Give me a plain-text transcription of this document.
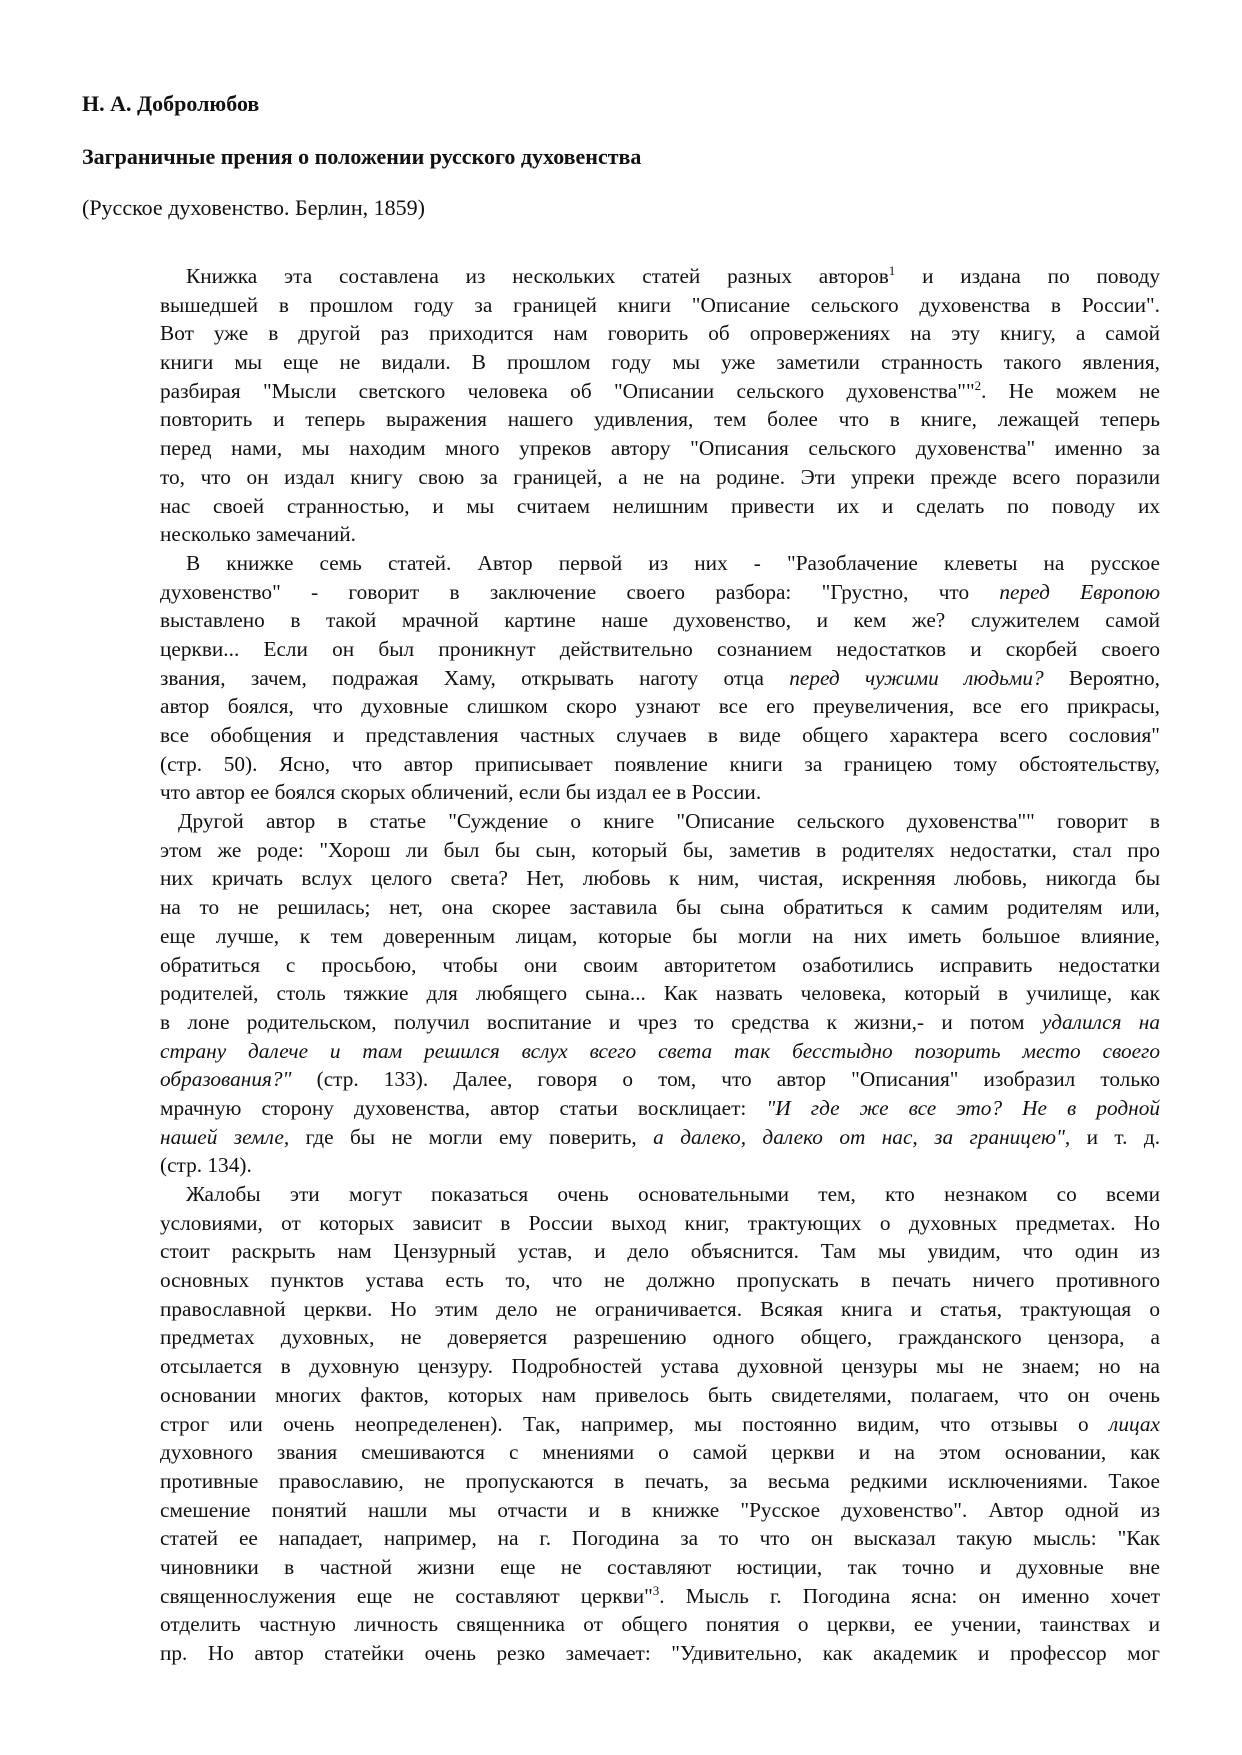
Н. А. Добролюбов
Заграничные прения о положении русского духовенства
(Русское духовенство. Берлин, 1859)
Книжка эта составлена из нескольких статей разных авторов$^1$ и издана по поводу
вышедшей в прошлом году за границей книги "Описание сельского духовенства в России".
Вот уже в другой раз приходится нам говорить об опровержениях на эту книгу, а самой
книги мы еще не видали. В прошлом году мы уже заметили странность такого явления,
разбирая "Мысли светского человека об "Описании сельского духовенства""$^2$. Не можем не
повторить и теперь выражения нашего удивления, тем более что в книге, лежащей теперь
перед нами, мы находим много упреков автору "Описания сельского духовенства" именно за
то, что он издал книгу свою за границей, а не на родине. Эти упреки прежде всего поразили
нас своей странностью, и мы считаем нелишним привести их и сделать по поводу их
несколько замечаний.
В книжке семь статей. Автор первой из них - "Разоблачение клеветы на русское
духовенство" - говорит в заключение своего разбора: "Грустно, что перед Европою
выставлено в такой мрачной картине наше духовенство, и кем же? служителем самой
церкви... Если он был проникнут действительно сознанием недостатков и скорбей своего
звания, зачем, подражая Хаму, открывать наготу отца перед чужими людьми? Вероятно,
автор боялся, что духовные слишком скоро узнают все его преувеличения, все его прикрасы,
все обобщения и представления частных случаев в виде общего характера всего сословия"
(стр. 50). Ясно, что автор приписывает появление книги за границею тому обстоятельству,
что автор ее боялся скорых обличений, если бы издал ее в России.
Другой автор в статье "Суждение о книге "Описание сельского духовенства"" говорит в
этом же роде: "Хорош ли был бы сын, который бы, заметив в родителях недостатки, стал про
них кричать вслух целого света? Нет, любовь к ним, чистая, искренняя любовь, никогда бы
на то не решилась; нет, она скорее заставила бы сына обратиться к самим родителям или,
еще лучше, к тем доверенным лицам, которые бы могли на них иметь большое влияние,
обратиться с просьбою, чтобы они своим авторитетом озаботились исправить недостатки
родителей, столь тяжкие для любящего сына... Как назвать человека, который в училище, как
в лоне родительском, получил воспитание и чрез то средства к жизни,- и потом удалился на
страну далече и там решился вслух всего света так бесстыдно позорить место своего
образования?" (стр. 133). Далее, говоря о том, что автор "Описания" изобразил только
мрачную сторону духовенства, автор статьи восклицает: "И где же все это? Не в родной
нашей земле, где бы не могли ему поверить, а далеко, далеко от нас, за границею", и т. д.
(стр. 134).
Жалобы эти могут показаться очень основательными тем, кто незнаком со всеми
условиями, от которых зависит в России выход книг, трактующих о духовных предметах. Но
стоит раскрыть нам Цензурный устав, и дело объяснится. Там мы увидим, что один из
основных пунктов устава есть то, что не должно пропускать в печать ничего противного
православной церкви. Но этим дело не ограничивается. Всякая книга и статья, трактующая о
предметах духовных, не доверяется разрешению одного общего, гражданского цензора, а
отсылается в духовную цензуру. Подробностей устава духовной цензуры мы не знаем; но на
основании многих фактов, которых нам привелось быть свидетелями, полагаем, что он очень
строг или очень неопределенен). Так, например, мы постоянно видим, что отзывы о лицах
духовного звания смешиваются с мнениями о самой церкви и на этом основании, как
противные православию, не пропускаются в печать, за весьма редкими исключениями. Такое
смешение понятий нашли мы отчасти и в книжке "Русское духовенство". Автор одной из
статей ее нападает, например, на г. Погодина за то что он высказал такую мысль: "Как
чиновники в частной жизни еще не составляют юстиции, так точно и духовные вне
священнослужения еще не составляют церкви"$^3$. Мысль г. Погодина ясна: он именно хочет
отделить частную личность священника от общего понятия о церкви, ее учении, таинствах и
пр. Но автор статейки очень резко замечает: "Удивительно, как академик и профессор мог
